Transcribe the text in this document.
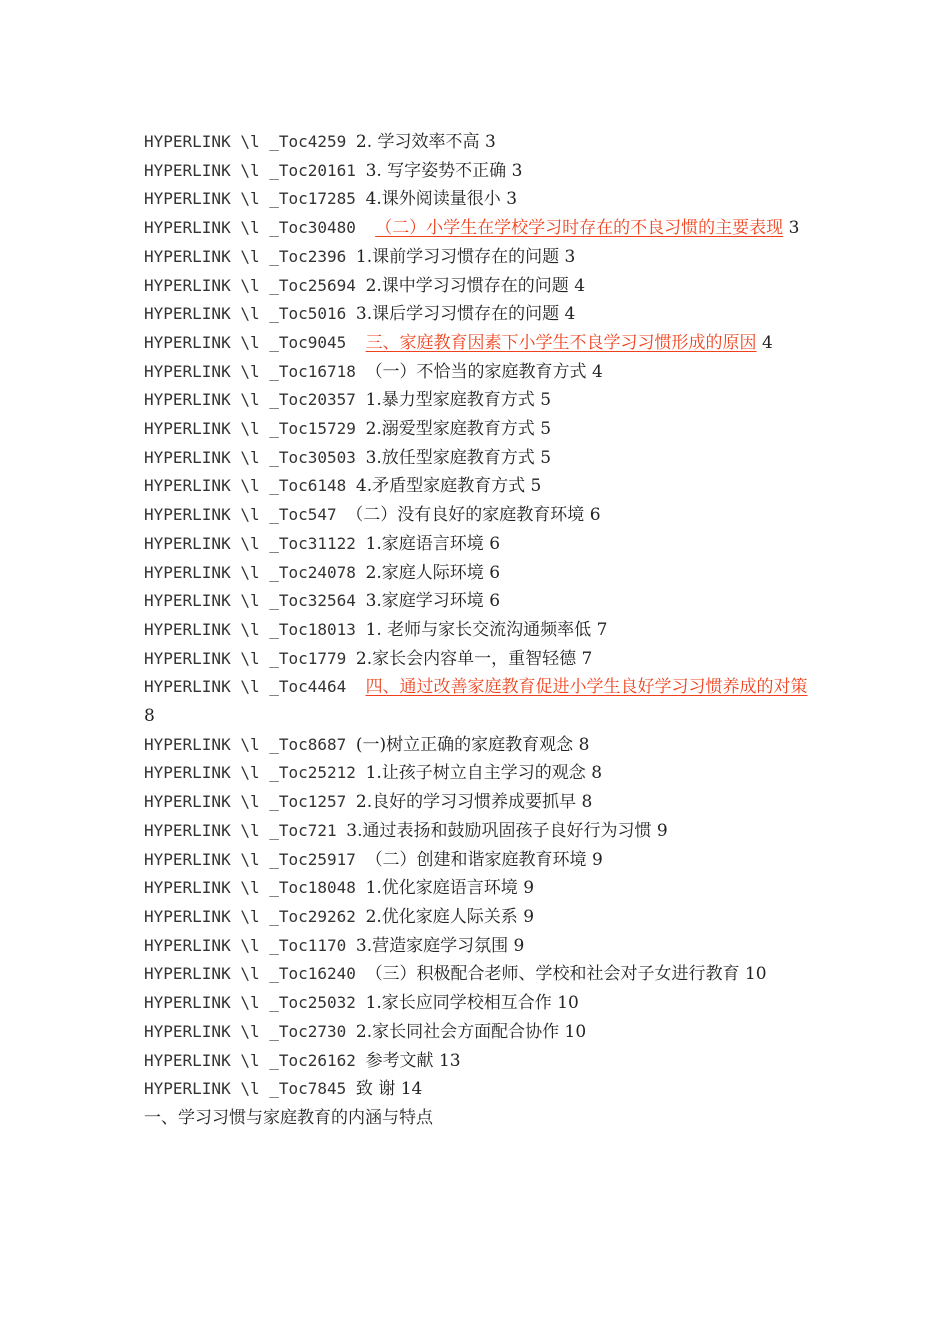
HYPERLINK \l _Toc4259 2. 学习效率不高 3
HYPERLINK \l _Toc20161 3. 写字姿势不正确 3
HYPERLINK \l _Toc17285 4.课外阅读量很小 3
HYPERLINK \l _Toc30480  （二）小学生在学校学习时存在的不良习惯的主要表现 3
HYPERLINK \l _Toc2396 1.课前学习习惯存在的问题 3
HYPERLINK \l _Toc25694 2.课中学习习惯存在的问题 4
HYPERLINK \l _Toc5016 3.课后学习习惯存在的问题 4
HYPERLINK \l _Toc9045  三、家庭教育因素下小学生不良学习习惯形成的原因 4
HYPERLINK \l _Toc16718 （一）不恰当的家庭教育方式 4
HYPERLINK \l _Toc20357 1.暴力型家庭教育方式 5
HYPERLINK \l _Toc15729 2.溺爱型家庭教育方式 5
HYPERLINK \l _Toc30503 3.放任型家庭教育方式 5
HYPERLINK \l _Toc6148 4.矛盾型家庭教育方式 5
HYPERLINK \l _Toc547 （二）没有良好的家庭教育环境 6
HYPERLINK \l _Toc31122 1.家庭语言环境 6
HYPERLINK \l _Toc24078 2.家庭人际环境 6
HYPERLINK \l _Toc32564 3.家庭学习环境 6
HYPERLINK \l _Toc18013 1. 老师与家长交流沟通频率低 7
HYPERLINK \l _Toc1779 2.家长会内容单一，重智轻德 7
HYPERLINK \l _Toc4464  四、通过改善家庭教育促进小学生良好学习习惯养成的对策 8
HYPERLINK \l _Toc8687 (一)树立正确的家庭教育观念 8
HYPERLINK \l _Toc25212 1.让孩子树立自主学习的观念 8
HYPERLINK \l _Toc1257 2.良好的学习习惯养成要抓早 8
HYPERLINK \l _Toc721 3.通过表扬和鼓励巩固孩子良好行为习惯 9
HYPERLINK \l _Toc25917 （二）创建和谐家庭教育环境 9
HYPERLINK \l _Toc18048 1.优化家庭语言环境 9
HYPERLINK \l _Toc29262 2.优化家庭人际关系 9
HYPERLINK \l _Toc1170 3.营造家庭学习氛围 9
HYPERLINK \l _Toc16240 （三）积极配合老师、学校和社会对子女进行教育 10
HYPERLINK \l _Toc25032 1.家长应同学校相互合作 10
HYPERLINK \l _Toc2730 2.家长同社会方面配合协作 10
HYPERLINK \l _Toc26162 参考文献 13
HYPERLINK \l _Toc7845 致 谢 14
一、学习习惯与家庭教育的内涵与特点
